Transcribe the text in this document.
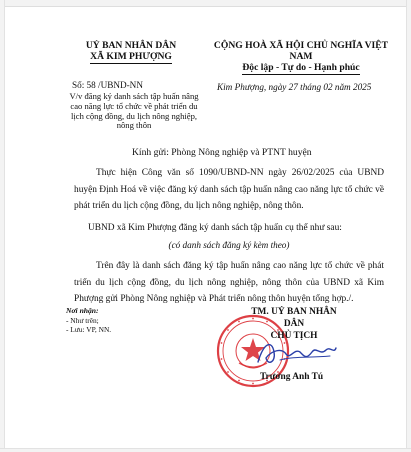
UỶ BAN NHÂN DÂN
XÃ KIM PHƯỢNG
CỘNG HOÀ XÃ HỘI CHỦ NGHĨA VIỆT NAM
Độc lập - Tự do - Hạnh phúc
Số: 58 /UBND-NN
V/v đăng ký danh sách tập huấn nâng cao năng lực tổ chức về phát triển du lịch cộng đồng, du lịch nông nghiệp, nông thôn
Kim Phượng, ngày 27 tháng 02 năm 2025
Kính gửi: Phòng Nông nghiệp và PTNT huyện
Thực hiện Công văn số 1090/UBND-NN ngày 26/02/2025 của UBND huyện Định Hoá về việc đăng ký danh sách tập huấn nâng cao năng lực tổ chức về phát triển du lịch cộng đồng, du lịch nông nghiệp, nông thôn.
UBND xã Kim Phượng đăng ký danh sách tập huấn cụ thể như sau:
(có danh sách đăng ký kèm theo)
Trên đây là danh sách đăng ký tập huấn nâng cao năng lực tổ chức về phát triển du lịch cộng đồng, du lịch nông nghiệp, nông thôn của UBND xã Kim Phượng gửi Phòng Nông nghiệp và Phát triển nông thôn huyện tổng hợp./.
Nơi nhận:
- Như trên;
- Lưu: VP, NN.
TM. UỶ BAN NHÂN DÂN
CHỦ TỊCH
Trương Anh Tú
